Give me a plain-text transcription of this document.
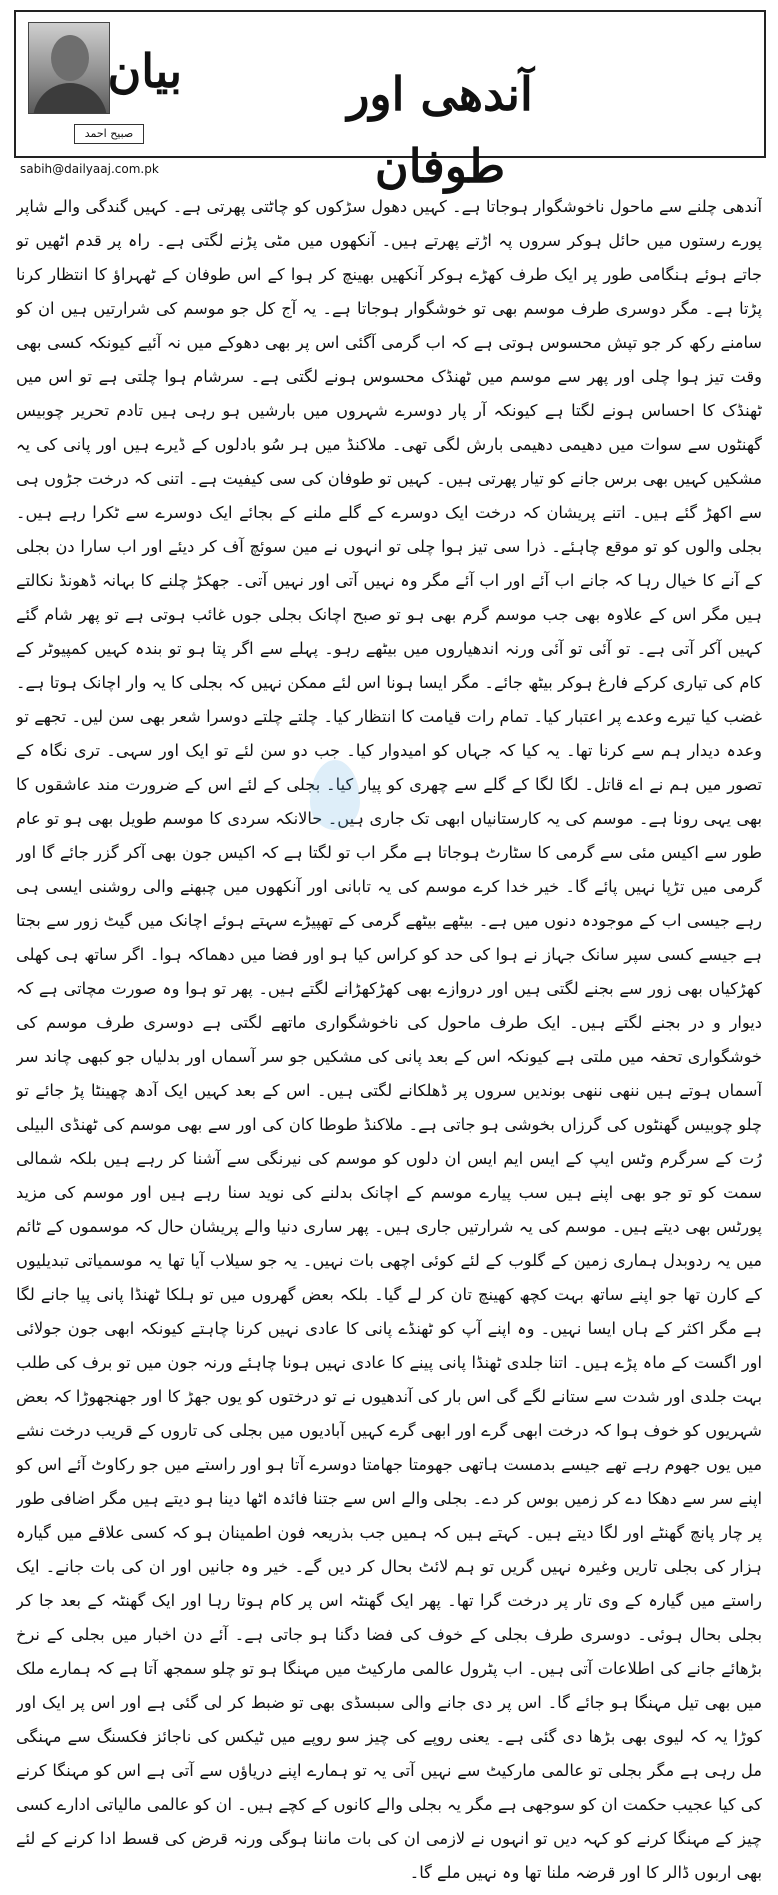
بیان
صبیح احمد
sabih@dailyaaj.com.pk
آندھی اور طوفان
آندھی چلنے سے ماحول ناخوشگوار ہوجاتا ہے۔ کہیں دھول سڑکوں کو چاٹتی پھرتی ہے۔ کہیں گندگی والے شاپر پورے رستوں میں حائل ہوکر سروں پہ اڑتے پھرتے ہیں۔ آنکھوں میں مٹی پڑنے لگتی ہے۔ راہ پر قدم اٹھیں تو جاتے ہوئے ہنگامی طور پر ایک طرف کھڑے ہوکر آنکھیں بھینچ کر ہوا کے اس طوفان کے ٹھہراؤ کا انتظار کرنا پڑتا ہے۔ مگر دوسری طرف موسم بھی تو خوشگوار ہوجاتا ہے۔ یہ آج کل جو موسم کی شرارتیں ہیں ان کو سامنے رکھ کر جو تپش محسوس ہوتی ہے کہ اب گرمی آگئی اس پر بھی دھوکے میں نہ آئیے کیونکہ کسی بھی وقت تیز ہوا چلی اور پھر سے موسم میں ٹھنڈک محسوس ہونے لگتی ہے۔ سرشام ہوا چلتی ہے تو اس میں ٹھنڈک کا احساس ہونے لگتا ہے کیونکہ آر پار دوسرے شہروں میں بارشیں ہو رہی ہیں تادم تحریر چوبیس گھنٹوں سے سوات میں دھیمی دھیمی بارش لگی تھی۔ ملاکنڈ میں ہر سُو بادلوں کے ڈیرے ہیں اور پانی کی یہ مشکیں کہیں بھی برس جانے کو تیار پھرتی ہیں۔ کہیں تو طوفان کی سی کیفیت ہے۔ اتنی کہ درخت جڑوں ہی سے اکھڑ گئے ہیں۔ اتنے پریشان کہ درخت ایک دوسرے کے گلے ملنے کے بجائے ایک دوسرے سے ٹکرا رہے ہیں۔ بجلی والوں کو تو موقع چاہئے۔ ذرا سی تیز ہوا چلی تو انہوں نے مین سوئچ آف کر دیئے اور اب سارا دن بجلی کے آنے کا خیال رہا کہ جانے اب آئے اور اب آئے مگر وہ نہیں آتی اور نہیں آتی۔ جھکڑ چلنے کا بہانہ ڈھونڈ نکالتے ہیں مگر اس کے علاوہ بھی جب موسم گرم بھی ہو تو صبح اچانک بجلی جوں غائب ہوتی ہے تو پھر شام گئے کہیں آکر آتی ہے۔ تو آئی تو آئی ورنہ اندھیاروں میں بیٹھے رہو۔ پہلے سے اگر پتا ہو تو بندہ کہیں کمپیوٹر کے کام کی تیاری کرکے فارغ ہوکر بیٹھ جائے۔ مگر ایسا ہونا اس لئے ممکن نہیں کہ بجلی کا یہ وار اچانک ہوتا ہے۔ غضب کیا تیرے وعدے پر اعتبار کیا۔ تمام رات قیامت کا انتظار کیا۔ چلتے چلتے دوسرا شعر بھی سن لیں۔ تجھے تو وعدہ دیدار ہم سے کرنا تھا۔ یہ کیا کہ جہاں کو امیدوار کیا۔ جب دو سن لئے تو ایک اور سہی۔ تری نگاہ کے تصور میں ہم نے اے قاتل۔ لگا لگا کے گلے سے چھری کو پیار کیا۔ بجلی کے لئے اس کے ضرورت مند عاشقوں کا بھی یہی رونا ہے۔ موسم کی یہ کارستانیاں ابھی تک جاری ہیں۔ حالانکہ سردی کا موسم طویل بھی ہو تو عام طور سے اکیس مئی سے گرمی کا سٹارٹ ہوجاتا ہے مگر اب تو لگتا ہے کہ اکیس جون بھی آکر گزر جائے گا اور گرمی میں تڑپا نہیں پائے گا۔ خیر خدا کرے موسم کی یہ تابانی اور آنکھوں میں چبھنے والی روشنی ایسی ہی رہے جیسی اب کے موجودہ دنوں میں ہے۔ بیٹھے بیٹھے گرمی کے تھپیڑے سہتے ہوئے اچانک میں گیٹ زور سے بجتا ہے جیسے کسی سپر سانک جہاز نے ہوا کی حد کو کراس کیا ہو اور فضا میں دھماکہ ہوا۔ اگر ساتھ ہی کھلی کھڑکیاں بھی زور سے بجنے لگتی ہیں اور دروازے بھی کھڑکھڑانے لگتے ہیں۔ پھر تو ہوا وہ صورت مچاتی ہے کہ دیوار و در بجنے لگتے ہیں۔ ایک طرف ماحول کی ناخوشگواری ماتھے لگتی ہے دوسری طرف موسم کی خوشگواری تحفہ میں ملتی ہے کیونکہ اس کے بعد پانی کی مشکیں جو سر آسماں اور بدلیاں جو کبھی چاند سر آسماں ہوتے ہیں ننھی ننھی بوندیں سروں پر ڈھلکانے لگتی ہیں۔ اس کے بعد کہیں ایک آدھ چھینٹا پڑ جائے تو چلو چوبیس گھنٹوں کی گرزاں بخوشی ہو جاتی ہے۔ ملاکنڈ طوطا کان کی اور سے بھی موسم کی ٹھنڈی البیلی رُت کے سرگرم وٹس ایپ کے ایس ایم ایس ان دلوں کو موسم کی نیرنگی سے آشنا کر رہے ہیں بلکہ شمالی سمت کو تو جو بھی اپنے ہیں سب پیارے موسم کے اچانک بدلنے کی نوید سنا رہے ہیں اور موسم کی مزید پورٹس بھی دیتے ہیں۔ موسم کی یہ شرارتیں جاری ہیں۔ پھر ساری دنیا والے پریشان حال کہ موسموں کے ٹائم میں یہ ردوبدل ہماری زمین کے گلوب کے لئے کوئی اچھی بات نہیں۔ یہ جو سیلاب آیا تھا یہ موسمیاتی تبدیلیوں کے کارن تھا جو اپنے ساتھ بہت کچھ کھینچ تان کر لے گیا۔ بلکہ بعض گھروں میں تو ہلکا ٹھنڈا پانی پیا جانے لگا ہے مگر اکثر کے ہاں ایسا نہیں۔ وہ اپنے آپ کو ٹھنڈے پانی کا عادی نہیں کرنا چاہتے کیونکہ ابھی جون جولائی اور اگست کے ماہ پڑے ہیں۔ اتنا جلدی ٹھنڈا پانی پینے کا عادی نہیں ہونا چاہئے ورنہ جون میں تو برف کی طلب بہت جلدی اور شدت سے ستانے لگے گی اس بار کی آندھیوں نے تو درختوں کو یوں جھڑ کا اور جھنجھوڑا کہ بعض شہریوں کو خوف ہوا کہ درخت ابھی گرے اور ابھی گرے کہیں آبادیوں میں بجلی کی تاروں کے قریب درخت نشے میں یوں جھوم رہے تھے جیسے بدمست ہاتھی جھومتا جھامتا دوسرے آتا ہو اور راستے میں جو رکاوٹ آئے اس کو اپنے سر سے دھکا دے کر زمیں بوس کر دے۔ بجلی والے اس سے جتنا فائدہ اٹھا دینا ہو دیتے ہیں مگر اضافی طور پر چار پانچ گھنٹے اور لگا دیتے ہیں۔ کہتے ہیں کہ ہمیں جب بذریعہ فون اطمینان ہو کہ کسی علاقے میں گیارہ ہزار کی بجلی تاریں وغیرہ نہیں گریں تو ہم لائٹ بحال کر دیں گے۔ خیر وہ جانیں اور ان کی بات جانے۔ ایک راستے میں گیارہ کے وی تار پر درخت گرا تھا۔ پھر ایک گھنٹہ اس پر کام ہوتا رہا اور ایک گھنٹہ کے بعد جا کر بجلی بحال ہوئی۔ دوسری طرف بجلی کے خوف کی فضا دگنا ہو جاتی ہے۔ آئے دن اخبار میں بجلی کے نرخ بڑھائے جانے کی اطلاعات آتی ہیں۔ اب پٹرول عالمی مارکیٹ میں مہنگا ہو تو چلو سمجھ آتا ہے کہ ہمارے ملک میں بھی تیل مہنگا ہو جائے گا۔ اس پر دی جانے والی سبسڈی بھی تو ضبط کر لی گئی ہے اور اس پر ایک اور کوڑا یہ کہ لیوی بھی بڑھا دی گئی ہے۔ یعنی روپے کی چیز سو روپے میں ٹیکس کی ناجائز فکسنگ سے مہنگی مل رہی ہے مگر بجلی تو عالمی مارکیٹ سے نہیں آتی یہ تو ہمارے اپنے دریاؤں سے آتی ہے اس کو مہنگا کرنے کی کیا عجیب حکمت ان کو سوجھی ہے مگر یہ بجلی والے کانوں کے کچے ہیں۔ ان کو عالمی مالیاتی ادارے کسی چیز کے مہنگا کرنے کو کہہ دیں تو انہوں نے لازمی ان کی بات ماننا ہوگی ورنہ قرض کی قسط ادا کرنے کے لئے بھی اربوں ڈالر کا اور قرضہ ملنا تھا وہ نہیں ملے گا۔
